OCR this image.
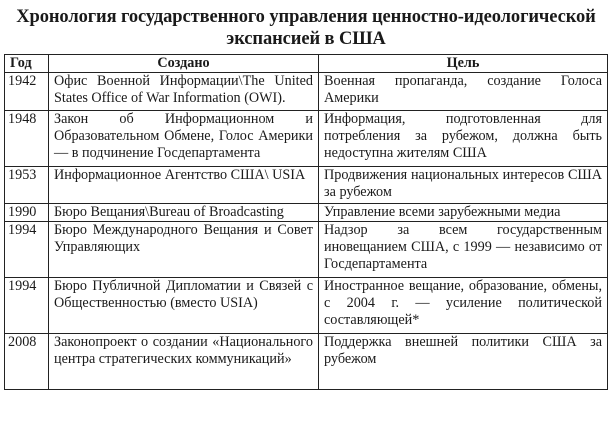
Хронология государственного управления ценностно-идеологической
экспансией в США
Год	Создано	Цель
1942	Офис Военной Информации\The United States Office of War Information (OWI).	Военная пропаганда, создание Голоса Америки
1948	Закон об Информационном и Образовательном Обмене, Голос Америки — в подчинение Госдепартамента	Информация, подготовленная для потребления за рубежом, должна быть недоступна жителям США
1953	Информационное Агентство США\ USIA	Продвижения национальных интересов США за рубежом
1990	Бюро Вещания\Bureau of Broadcasting	Управление всеми зарубежными медиа
1994	Бюро Международного Вещания и Совет Управляющих	Надзор за всем государственным иновещанием США, с 1999 — независимо от Госдепартамента
1994	Бюро Публичной Дипломатии и Связей с Общественностью (вместо USIA)	Иностранное вещание, образование, обмены, с 2004 г. — усиление политической составляющей*
2008	Законопроект о создании «Национального центра стратегических коммуникаций»	Поддержка внешней политики США за рубежом
